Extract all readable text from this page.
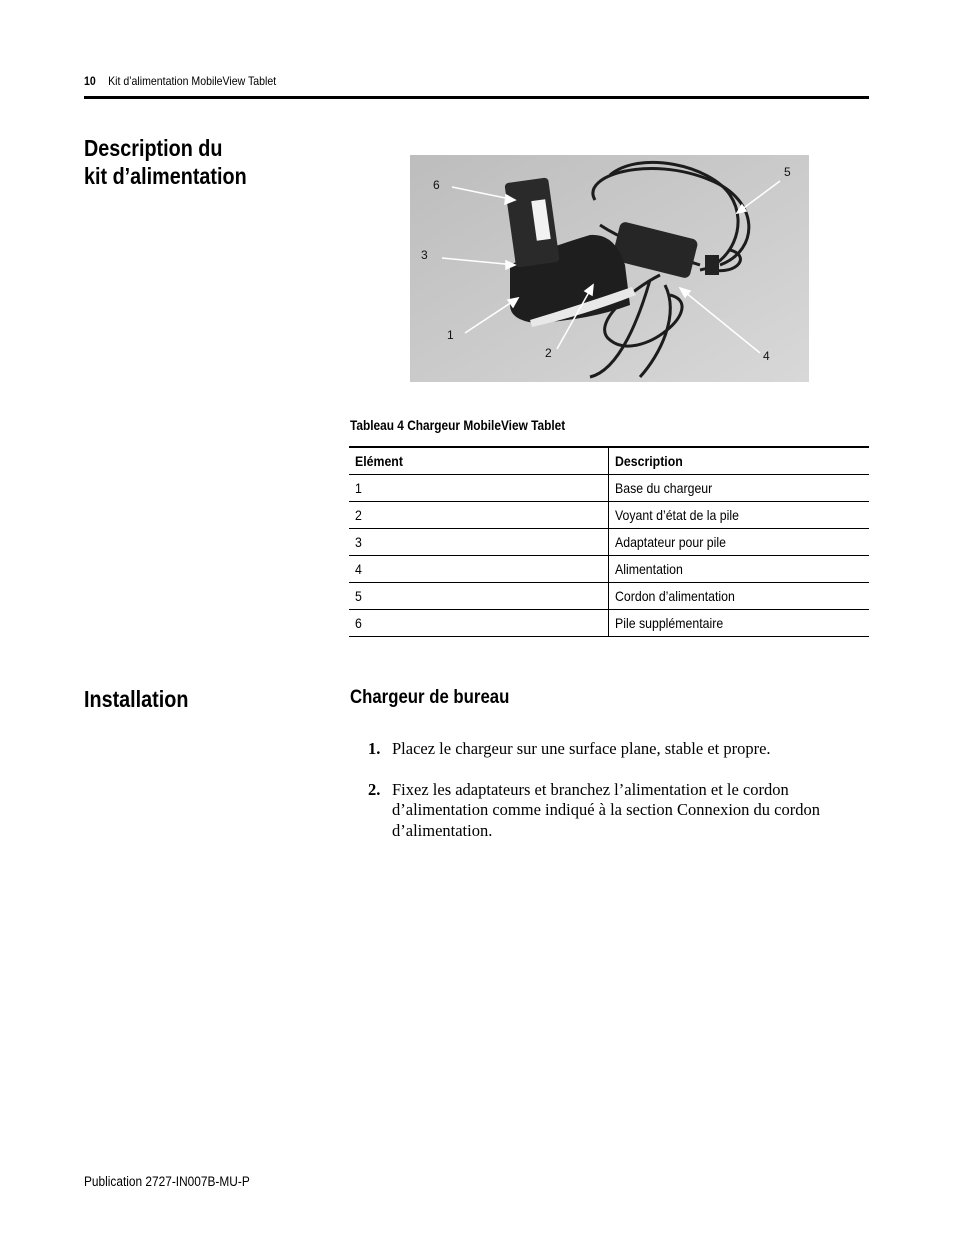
10 Kit d’alimentation MobileView Tablet
Description du kit d’alimentation	6
3
1
2	4
5
Tableau 4 Chargeur MobileView Tablet
Elément	Description
1	Base du chargeur
2	Voyant d’état de la pile
3	Adaptateur pour pile
4	Alimentation
5	Cordon d’alimentation
6	Pile supplémentaire
Installation	Chargeur de bureau
1. Placez le chargeur sur une surface plane, stable et propre.
2. Fixez les adaptateurs et branchez l’alimentation et le cordon d’alimentation comme indiqué à la section Connexion du cordon d’alimentation.
Publication 2727-IN007B-MU-P
